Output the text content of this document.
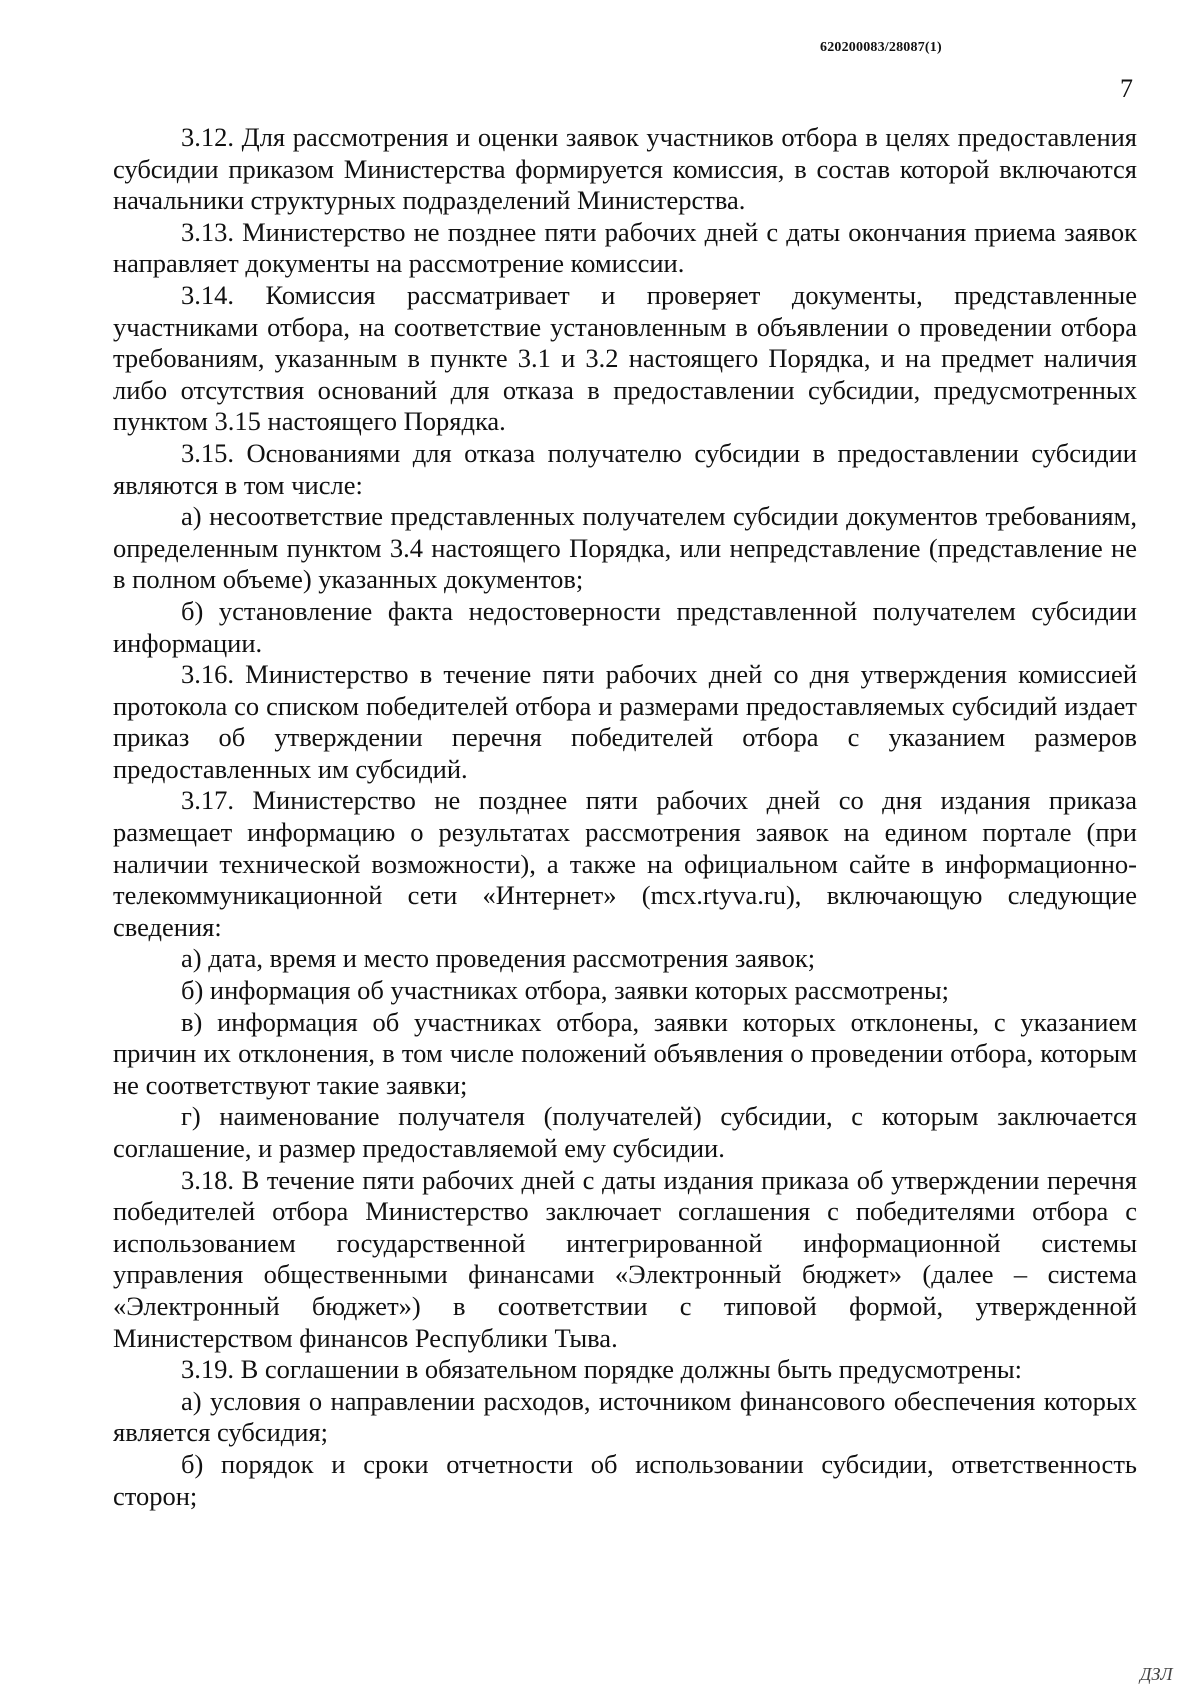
620200083/28087(1)
7

3.12. Для рассмотрения и оценки заявок участников отбора в целях предоставления субсидии приказом Министерства формируется комиссия, в состав которой включаются начальники структурных подразделений Министерства.

3.13. Министерство не позднее пяти рабочих дней с даты окончания приема заявок направляет документы на рассмотрение комиссии.

3.14. Комиссия рассматривает и проверяет документы, представленные участниками отбора, на соответствие установленным в объявлении о проведении отбора требованиям, указанным в пункте 3.1 и 3.2 настоящего Порядка, и на предмет наличия либо отсутствия оснований для отказа в предоставлении субсидии, предусмотренных пунктом 3.15 настоящего Порядка.

3.15. Основаниями для отказа получателю субсидии в предоставлении субсидии являются в том числе:

а) несоответствие представленных получателем субсидии документов требованиям, определенным пунктом 3.4 настоящего Порядка, или непредставление (представление не в полном объеме) указанных документов;

б) установление факта недостоверности представленной получателем субсидии информации.

3.16. Министерство в течение пяти рабочих дней со дня утверждения комиссией протокола со списком победителей отбора и размерами предоставляемых субсидий издает приказ об утверждении перечня победителей отбора с указанием размеров предоставленных им субсидий.

3.17. Министерство не позднее пяти рабочих дней со дня издания приказа размещает информацию о результатах рассмотрения заявок на едином портале (при наличии технической возможности), а также на официальном сайте в информационно-телекоммуникационной сети «Интернет» (mcx.rtyva.ru), включающую следующие сведения:

а) дата, время и место проведения рассмотрения заявок;

б) информация об участниках отбора, заявки которых рассмотрены;

в) информация об участниках отбора, заявки которых отклонены, с указанием причин их отклонения, в том числе положений объявления о проведении отбора, которым не соответствуют такие заявки;

г) наименование получателя (получателей) субсидии, с которым заключается соглашение, и размер предоставляемой ему субсидии.

3.18. В течение пяти рабочих дней с даты издания приказа об утверждении перечня победителей отбора Министерство заключает соглашения с победителями отбора с использованием государственной интегрированной информационной системы управления общественными финансами «Электронный бюджет» (далее – система «Электронный бюджет») в соответствии с типовой формой, утвержденной Министерством финансов Республики Тыва.

3.19. В соглашении в обязательном порядке должны быть предусмотрены:

а) условия о направлении расходов, источником финансового обеспечения которых является субсидия;

б) порядок и сроки отчетности об использовании субсидии, ответственность сторон;

ДЗЛ
